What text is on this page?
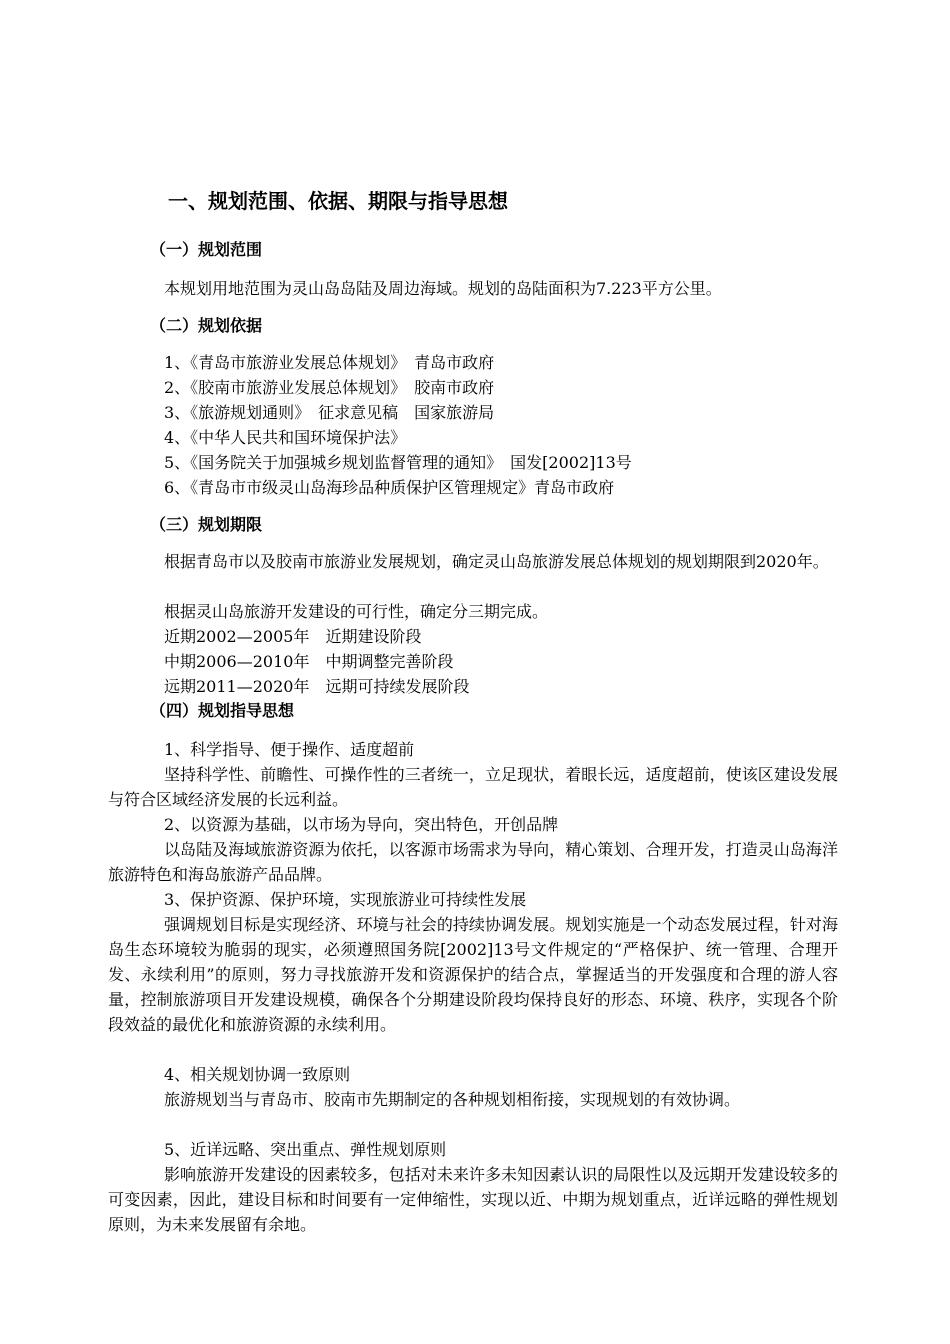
一、规划范围、依据、期限与指导思想
（一）规划范围
本规划用地范围为灵山岛岛陆及周边海域。规划的岛陆面积为7.223平方公里。
（二）规划依据
1、《青岛市旅游业发展总体规划》　青岛市政府
2、《胶南市旅游业发展总体规划》　胶南市政府
3、《旅游规划通则》　征求意见稿　国家旅游局
4、《中华人民共和国环境保护法》
5、《国务院关于加强城乡规划监督管理的通知》　国发[2002]13号
6、《青岛市市级灵山岛海珍品种质保护区管理规定》青岛市政府
（三）规划期限
根据青岛市以及胶南市旅游业发展规划，确定灵山岛旅游发展总体规划的规划期限到2020年。
根据灵山岛旅游开发建设的可行性，确定分三期完成。
近期2002—2005年　近期建设阶段
中期2006—2010年　中期调整完善阶段
远期2011—2020年　远期可持续发展阶段
（四）规划指导思想
1、科学指导、便于操作、适度超前
坚持科学性、前瞻性、可操作性的三者统一，立足现状，着眼长远，适度超前，使该区建设发展与符合区域经济发展的长远利益。
2、以资源为基础，以市场为导向，突出特色，开创品牌
以岛陆及海域旅游资源为依托，以客源市场需求为导向，精心策划、合理开发，打造灵山岛海洋旅游特色和海岛旅游产品品牌。
3、保护资源、保护环境，实现旅游业可持续性发展
强调规划目标是实现经济、环境与社会的持续协调发展。规划实施是一个动态发展过程，针对海岛生态环境较为脆弱的现实，必须遵照国务院[2002]13号文件规定的“严格保护、统一管理、合理开发、永续利用”的原则，努力寻找旅游开发和资源保护的结合点，掌握适当的开发强度和合理的游人容量，控制旅游项目开发建设规模，确保各个分期建设阶段均保持良好的形态、环境、秩序，实现各个阶段效益的最优化和旅游资源的永续利用。
4、相关规划协调一致原则
旅游规划当与青岛市、胶南市先期制定的各种规划相衔接，实现规划的有效协调。
5、近详远略、突出重点、弹性规划原则
影响旅游开发建设的因素较多，包括对未来许多未知因素认识的局限性以及远期开发建设较多的可变因素，因此，建设目标和时间要有一定伸缩性，实现以近、中期为规划重点，近详远略的弹性规划原则，为未来发展留有余地。
